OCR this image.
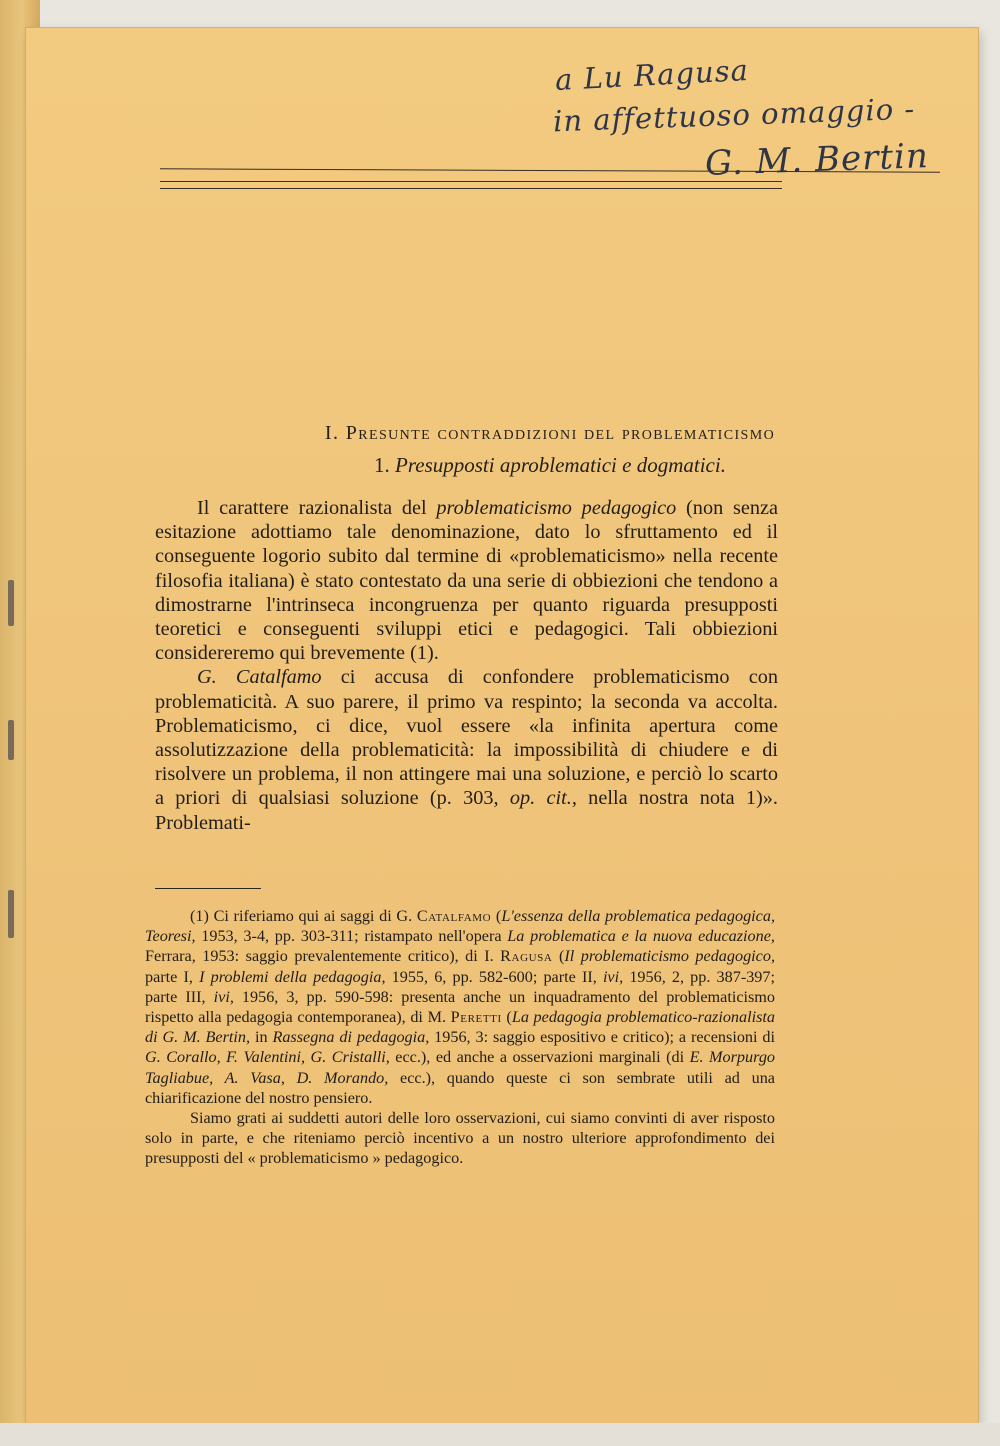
a Lu Ragusa
in affettuoso omaggio -
G. M. Bertin
I. Presunte contraddizioni del problematicismo
1. Presupposti aproblematici e dogmatici.

Il carattere razionalista del problematicismo pedagogico (non senza esitazione adottiamo tale denominazione, dato lo sfruttamento ed il conseguente logorio subito dal termine di «problematicismo» nella recente filosofia italiana) è stato contestato da una serie di obbiezioni che tendono a dimostrarne l'intrinseca incongruenza per quanto riguarda presupposti teoretici e conseguenti sviluppi etici e pedagogici. Tali obbiezioni considereremo qui brevemente (1).

G. Catalfamo ci accusa di confondere problematicismo con problematicità. A suo parere, il primo va respinto; la seconda va accolta. Problematicismo, ci dice, vuol essere «la infinita apertura come assolutizzazione della problematicità: la impossibilità di chiudere e di risolvere un problema, il non attingere mai una soluzione, e perciò lo scarto a priori di qualsiasi soluzione (p. 303, op. cit., nella nostra nota 1)». Problemati-

(1) Ci riferiamo qui ai saggi di G. Catalfamo (L'essenza della problematica pedagogica, Teoresi, 1953, 3-4, pp. 303-311; ristampato nell'opera La problematica e la nuova educazione, Ferrara, 1953: saggio prevalentemente critico), di I. Ragusa (Il problematicismo pedagogico, parte I, I problemi della pedagogia, 1955, 6, pp. 582-600; parte II, ivi, 1956, 2, pp. 387-397; parte III, ivi, 1956, 3, pp. 590-598: presenta anche un inquadramento del problematicismo rispetto alla pedagogia contemporanea), di M. Peretti (La pedagogia problematico-razionalista di G. M. Bertin, in Rassegna di pedagogia, 1956, 3: saggio espositivo e critico); a recensioni di G. Corallo, F. Valentini, G. Cristalli, ecc.), ed anche a osservazioni marginali (di E. Morpurgo Tagliabue, A. Vasa, D. Morando, ecc.), quando queste ci son sembrate utili ad una chiarificazione del nostro pensiero.

Siamo grati ai suddetti autori delle loro osservazioni, cui siamo convinti di aver risposto solo in parte, e che riteniamo perciò incentivo a un nostro ulteriore approfondimento dei presupposti del « problematicismo » pedagogico.
